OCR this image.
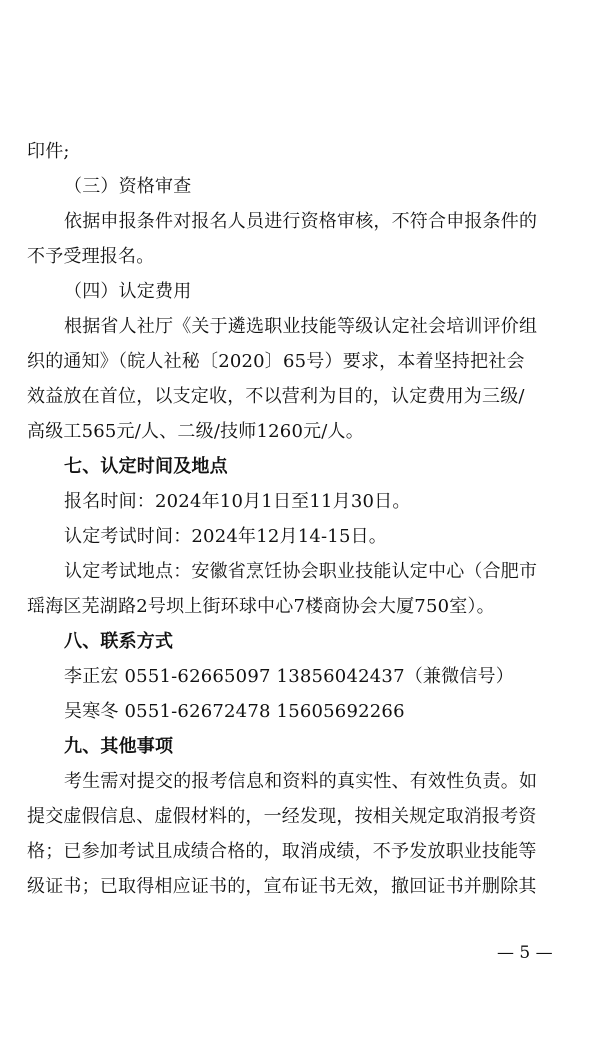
印件;
（三）资格审查
依据申报条件对报名人员进行资格审核，不符合申报条件的
不予受理报名。
（四）认定费用
根据省人社厅《关于遴选职业技能等级认定社会培训评价组
织的通知》（皖人社秘〔2020〕65号）要求，本着坚持把社会
效益放在首位，以支定收，不以营利为目的，认定费用为三级/
高级工565元/人、二级/技师1260元/人。
七、认定时间及地点
报名时间：2024年10月1日至11月30日。
认定考试时间：2024年12月14-15日。
认定考试地点：安徽省烹饪协会职业技能认定中心（合肥市
瑶海区芜湖路2号坝上街环球中心7楼商协会大厦750室）。
八、联系方式
李正宏 0551-62665097 13856042437（兼微信号）
吴寒冬 0551-62672478 15605692266
九、其他事项
考生需对提交的报考信息和资料的真实性、有效性负责。如
提交虚假信息、虚假材料的，一经发现，按相关规定取消报考资
格；已参加考试且成绩合格的，取消成绩，不予发放职业技能等
级证书；已取得相应证书的，宣布证书无效，撤回证书并删除其
— 5 —
